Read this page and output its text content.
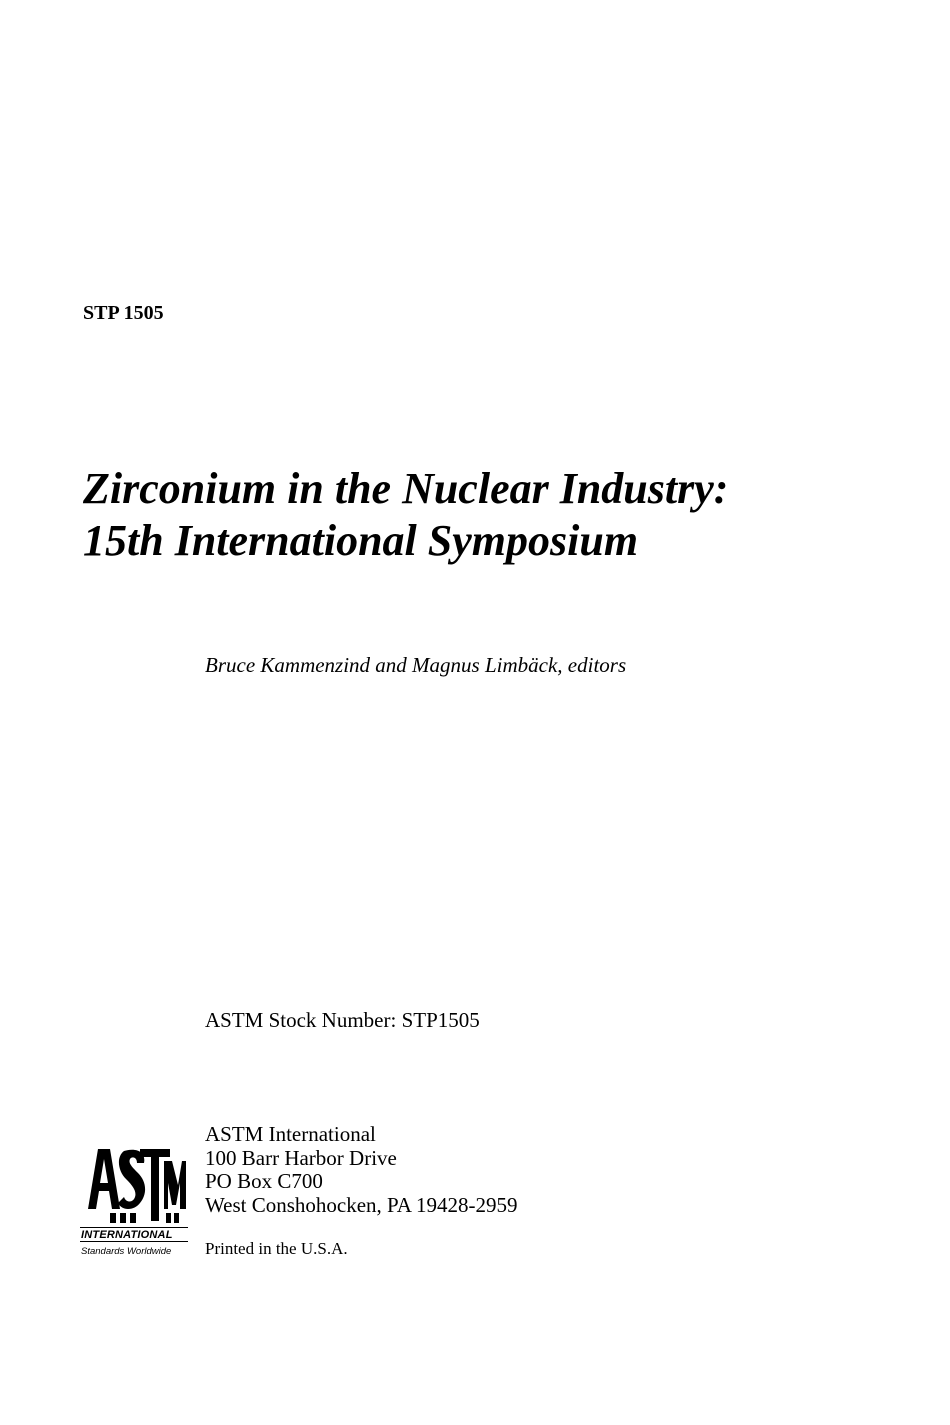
STP 1505
Zirconium in the Nuclear Industry:
15th International Symposium
Bruce Kammenzind and Magnus Limbäck, editors
ASTM Stock Number: STP1505
INTERNATIONAL
Standards Worldwide
ASTM International
100 Barr Harbor Drive
PO Box C700
West Conshohocken, PA 19428-2959
Printed in the U.S.A.
